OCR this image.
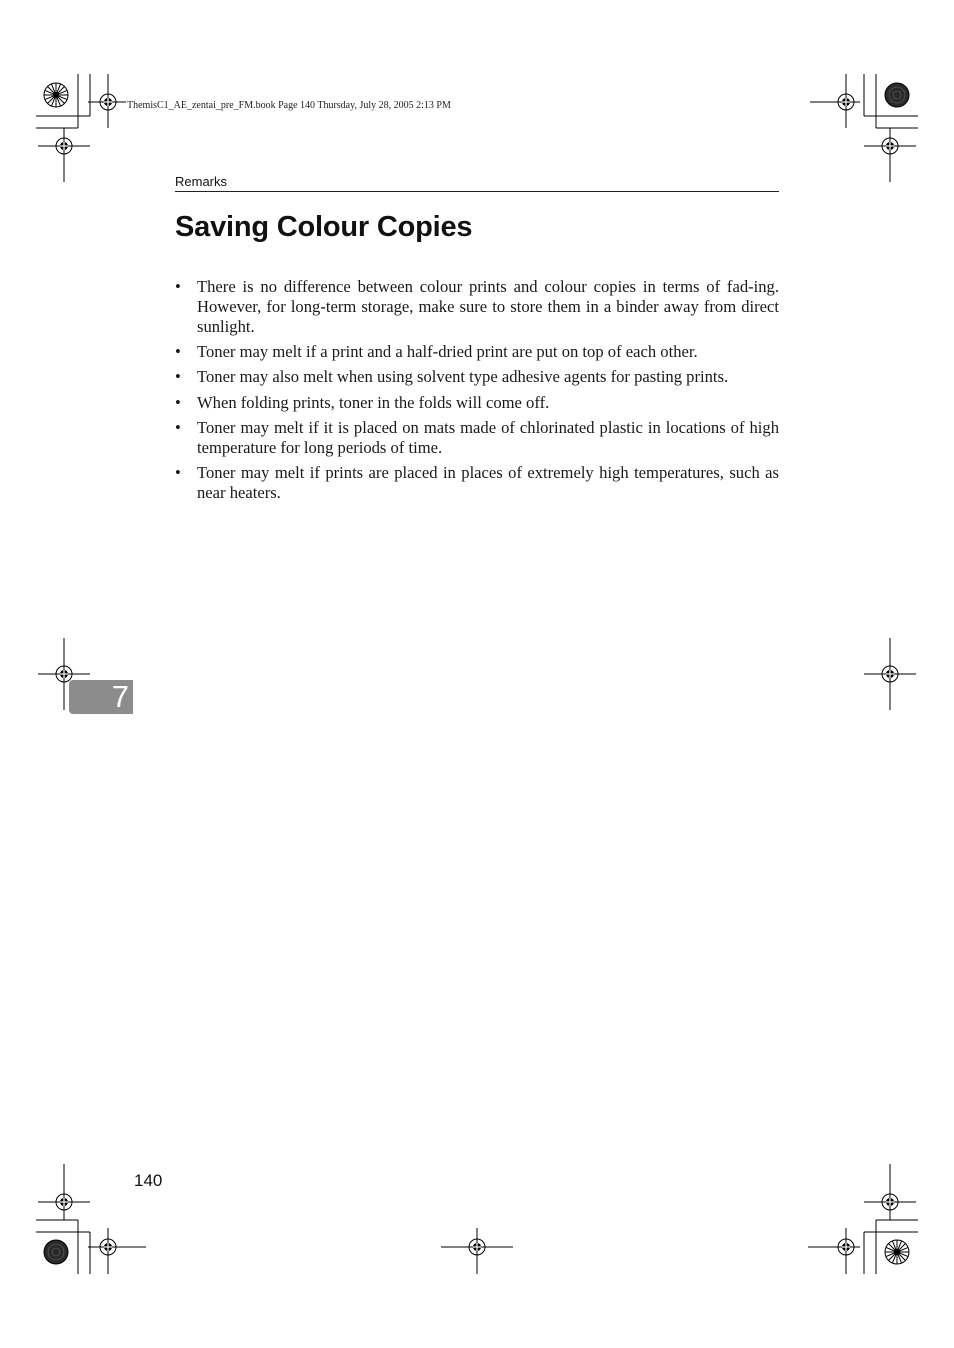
ThemisC1_AE_zentai_pre_FM.book Page 140 Thursday, July 28, 2005 2:13 PM
Remarks
Saving Colour Copies
• There is no difference between colour prints and colour copies in terms of fad-ing. However, for long-term storage, make sure to store them in a binder away from direct sunlight.
• Toner may melt if a print and a half-dried print are put on top of each other.
• Toner may also melt when using solvent type adhesive agents for pasting prints.
• When folding prints, toner in the folds will come off.
• Toner may melt if it is placed on mats made of chlorinated plastic in locations of high temperature for long periods of time.
• Toner may melt if prints are placed in places of extremely high temperatures, such as near heaters.
7
140
